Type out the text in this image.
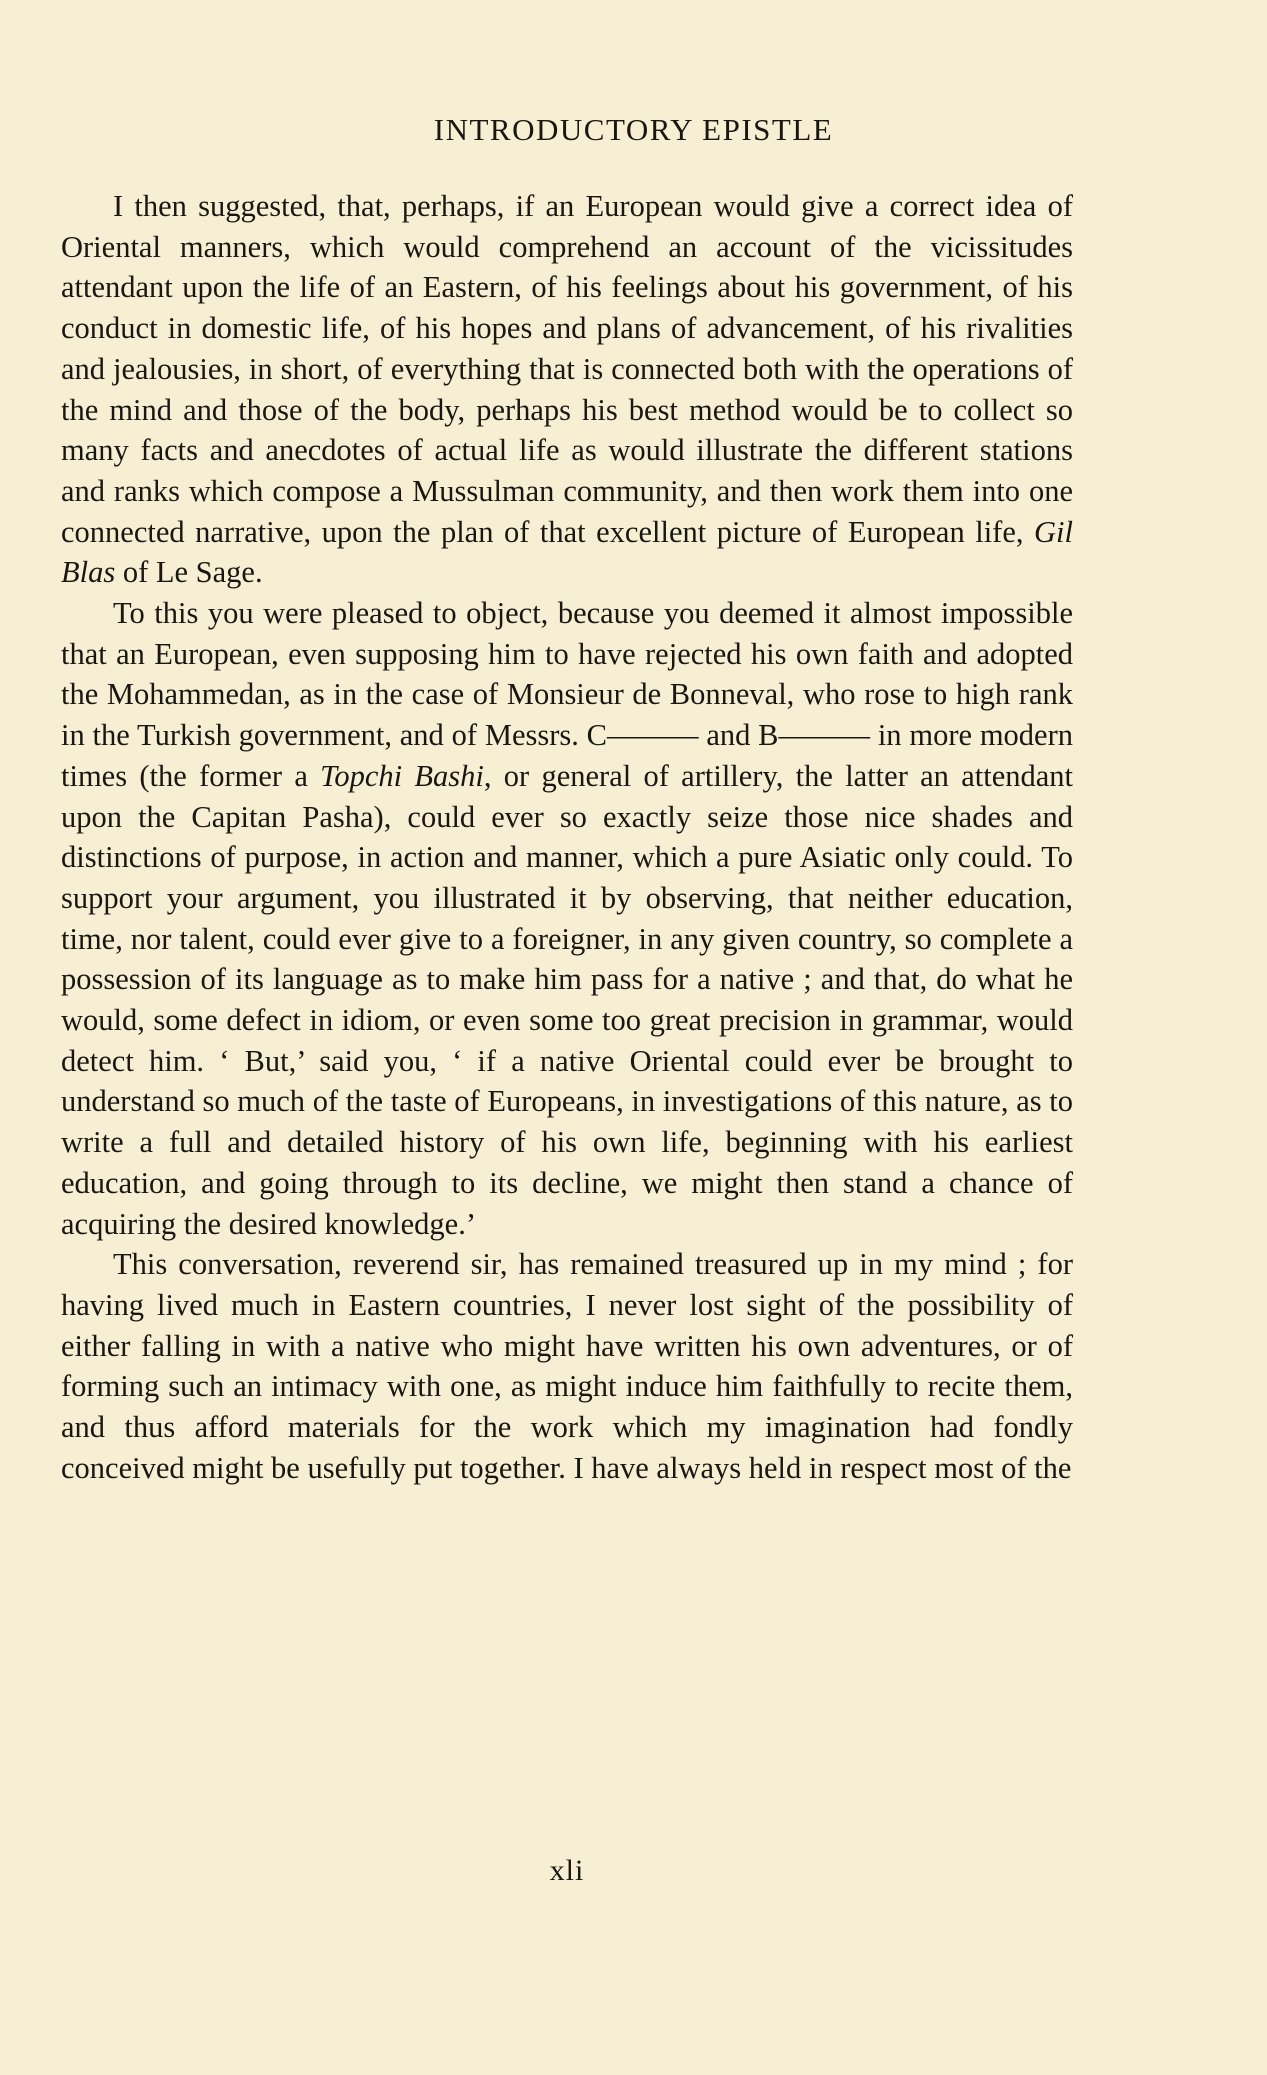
INTRODUCTORY EPISTLE

I then suggested, that, perhaps, if an European would give a correct idea of Oriental manners, which would comprehend an account of the vicissitudes attendant upon the life of an Eastern, of his feelings about his government, of his conduct in domestic life, of his hopes and plans of advancement, of his rivalities and jealousies, in short, of everything that is connected both with the operations of the mind and those of the body, perhaps his best method would be to collect so many facts and anecdotes of actual life as would illustrate the different stations and ranks which compose a Mussulman community, and then work them into one connected narrative, upon the plan of that excellent picture of European life, Gil Blas of Le Sage.

To this you were pleased to object, because you deemed it almost impossible that an European, even supposing him to have rejected his own faith and adopted the Mohammedan, as in the case of Monsieur de Bonneval, who rose to high rank in the Turkish government, and of Messrs. C——— and B——— in more modern times (the former a Topchi Bashi, or general of artillery, the latter an attendant upon the Capitan Pasha), could ever so exactly seize those nice shades and distinctions of purpose, in action and manner, which a pure Asiatic only could. To support your argument, you illustrated it by observing, that neither education, time, nor talent, could ever give to a foreigner, in any given country, so complete a possession of its language as to make him pass for a native ; and that, do what he would, some defect in idiom, or even some too great precision in grammar, would detect him. ‘ But,’ said you, ‘ if a native Oriental could ever be brought to understand so much of the taste of Europeans, in investigations of this nature, as to write a full and detailed history of his own life, beginning with his earliest education, and going through to its decline, we might then stand a chance of acquiring the desired knowledge.’

This conversation, reverend sir, has remained treasured up in my mind ; for having lived much in Eastern countries, I never lost sight of the possibility of either falling in with a native who might have written his own adventures, or of forming such an intimacy with one, as might induce him faithfully to recite them, and thus afford materials for the work which my imagination had fondly conceived might be usefully put together. I have always held in respect most of the

xli
